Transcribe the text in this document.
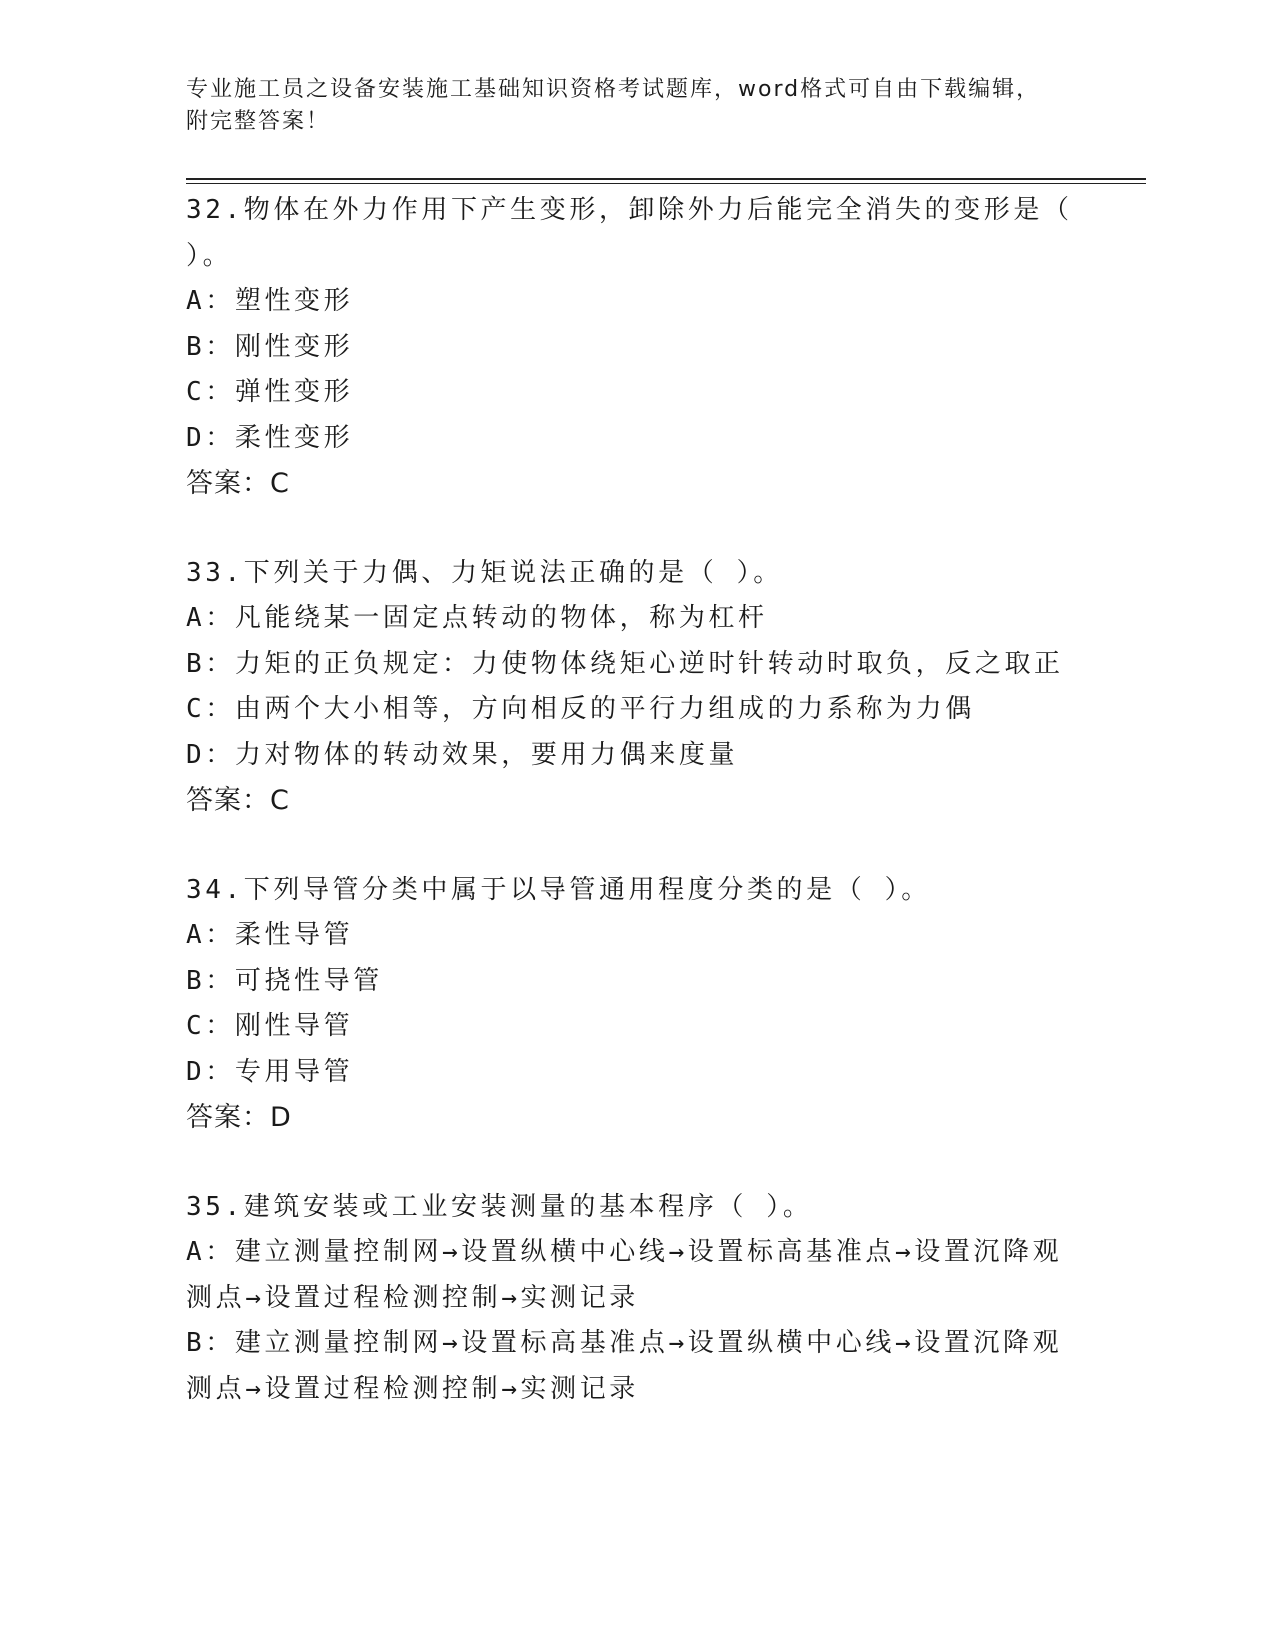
专业施工员之设备安装施工基础知识资格考试题库，word格式可自由下载编辑，
附完整答案！

32.物体在外力作用下产生变形，卸除外力后能完全消失的变形是（
）。

A：塑性变形

B：刚性变形

C：弹性变形

D：柔性变形

答案：C

33.下列关于力偶、力矩说法正确的是（ ）。

A：凡能绕某一固定点转动的物体，称为杠杆

B：力矩的正负规定：力使物体绕矩心逆时针转动时取负，反之取正

C：由两个大小相等，方向相反的平行力组成的力系称为力偶

D：力对物体的转动效果，要用力偶来度量

答案：C

34.下列导管分类中属于以导管通用程度分类的是（ ）。

A：柔性导管

B：可挠性导管

C：刚性导管

D：专用导管

答案：D

35.建筑安装或工业安装测量的基本程序（ ）。

A：建立测量控制网→设置纵横中心线→设置标高基准点→设置沉降观
测点→设置过程检测控制→实测记录

B：建立测量控制网→设置标高基准点→设置纵横中心线→设置沉降观
测点→设置过程检测控制→实测记录
